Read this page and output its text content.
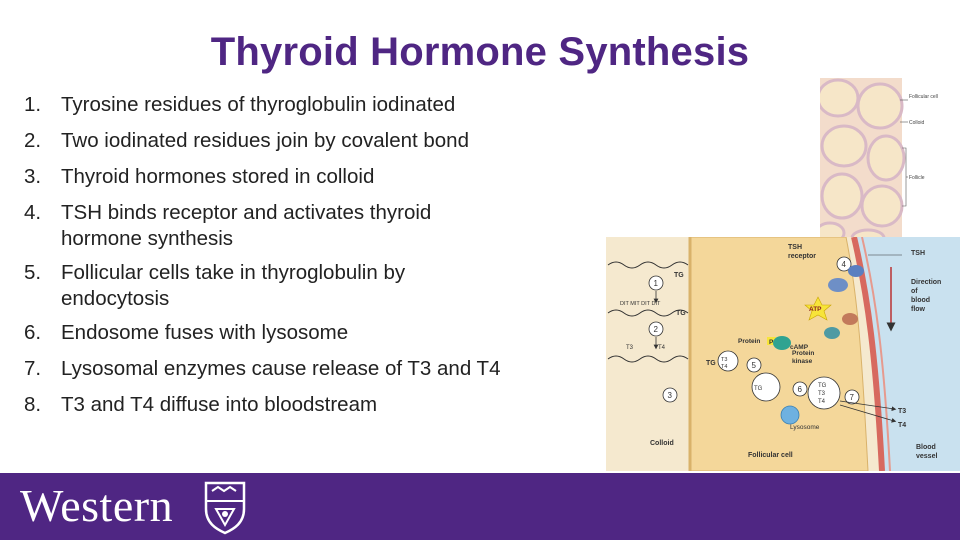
Thyroid Hormone Synthesis
1. Tyrosine residues of thyroglobulin iodinated
2. Two iodinated residues join by covalent bond
3. Thyroid hormones stored in colloid
4. TSH binds receptor and activates thyroid hormone synthesis
5. Follicular cells take in thyroglobulin by endocytosis
6. Endosome fuses with lysosome
7. Lysosomal enzymes cause release of T3 and T4
8. T3 and T4 diffuse into bloodstream
Follicular cell
Colloid
Follicle
TG
1
DIT MIT DIT DIT
TG
2
T3	T4
TG
3
Colloid
TSH
receptor
4
TSH
Direction of blood flow
ATP
Protein P
cAMP
Protein kinase
T3
T4	5
TG	6	TG
T3
T4
Lysosome
7
T3
T4
Follicular cell
Blood vessel
Western
